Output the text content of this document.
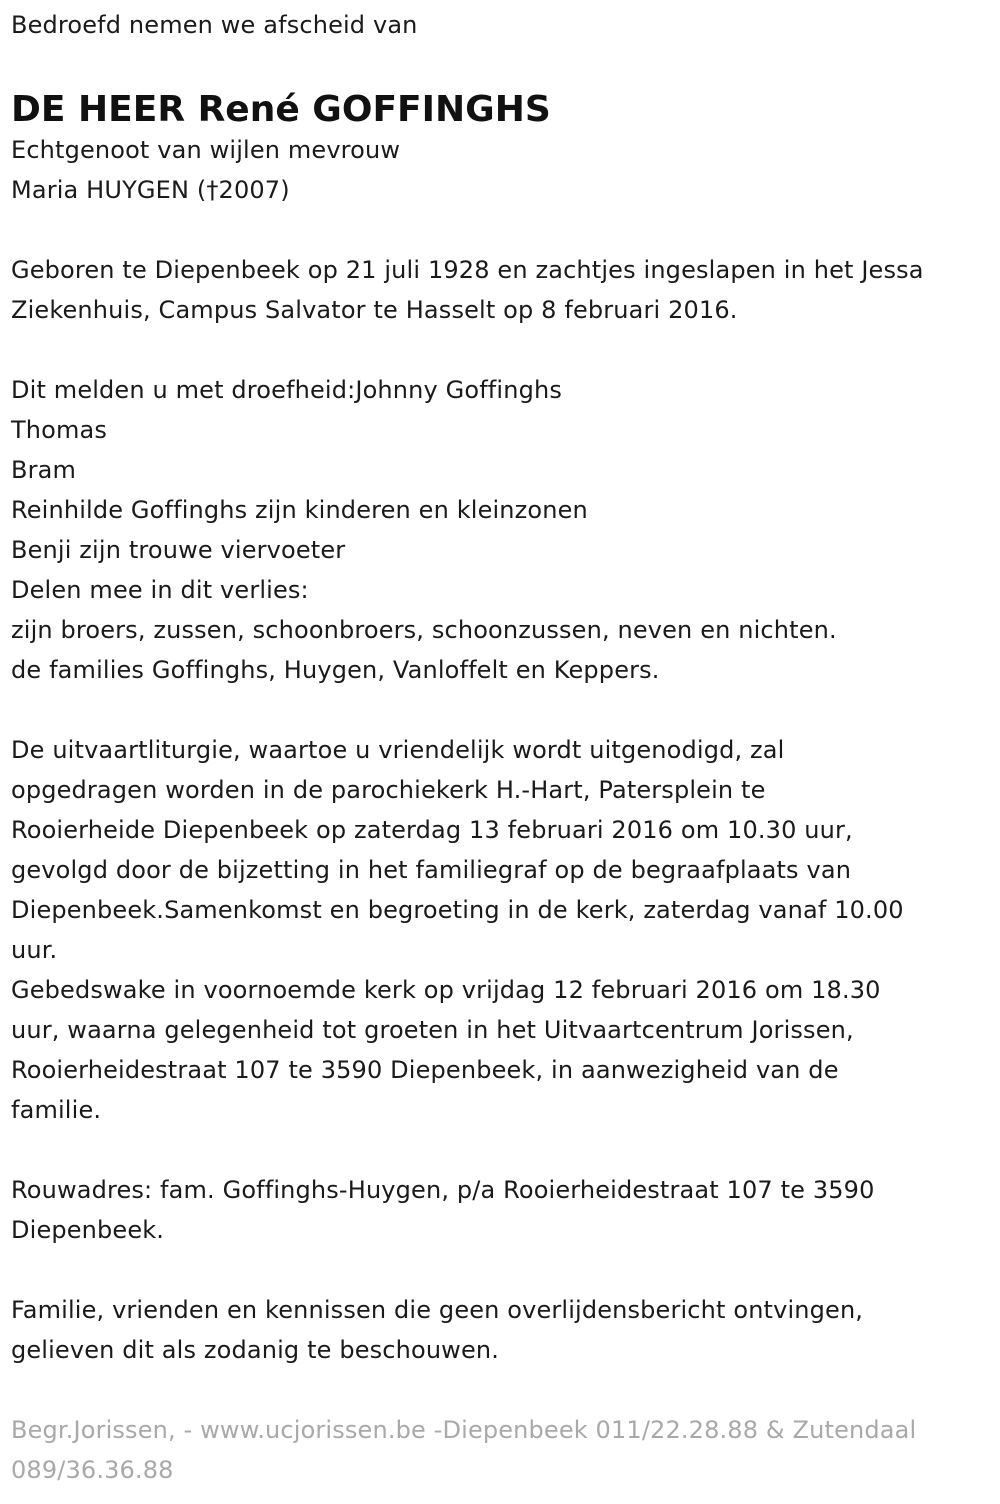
Bedroefd nemen we afscheid van
DE HEER René GOFFINGHS
Echtgenoot van wijlen mevrouw
Maria HUYGEN (†2007)
Geboren te Diepenbeek op 21 juli 1928 en zachtjes ingeslapen in het Jessa
Ziekenhuis, Campus Salvator te Hasselt op 8 februari 2016.
Dit melden u met droefheid:Johnny Goffinghs
Thomas
Bram
Reinhilde Goffinghs zijn kinderen en kleinzonen
Benji zijn trouwe viervoeter
Delen mee in dit verlies:
zijn broers, zussen, schoonbroers, schoonzussen, neven en nichten.
de families Goffinghs, Huygen, Vanloffelt en Keppers.
De uitvaartliturgie, waartoe u vriendelijk wordt uitgenodigd, zal
opgedragen worden in de parochiekerk H.-Hart, Patersplein te
Rooierheide Diepenbeek op zaterdag 13 februari 2016 om 10.30 uur,
gevolgd door de bijzetting in het familiegraf op de begraafplaats van
Diepenbeek.Samenkomst en begroeting in de kerk, zaterdag vanaf 10.00
uur.
Gebedswake in voornoemde kerk op vrijdag 12 februari 2016 om 18.30
uur, waarna gelegenheid tot groeten in het Uitvaartcentrum Jorissen,
Rooierheidestraat 107 te 3590 Diepenbeek, in aanwezigheid van de
familie.
Rouwadres: fam. Goffinghs-Huygen, p/a Rooierheidestraat 107 te 3590
Diepenbeek.
Familie, vrienden en kennissen die geen overlijdensbericht ontvingen,
gelieven dit als zodanig te beschouwen.
Begr.Jorissen, - www.ucjorissen.be -Diepenbeek 011/22.28.88 & Zutendaal
089/36.36.88
